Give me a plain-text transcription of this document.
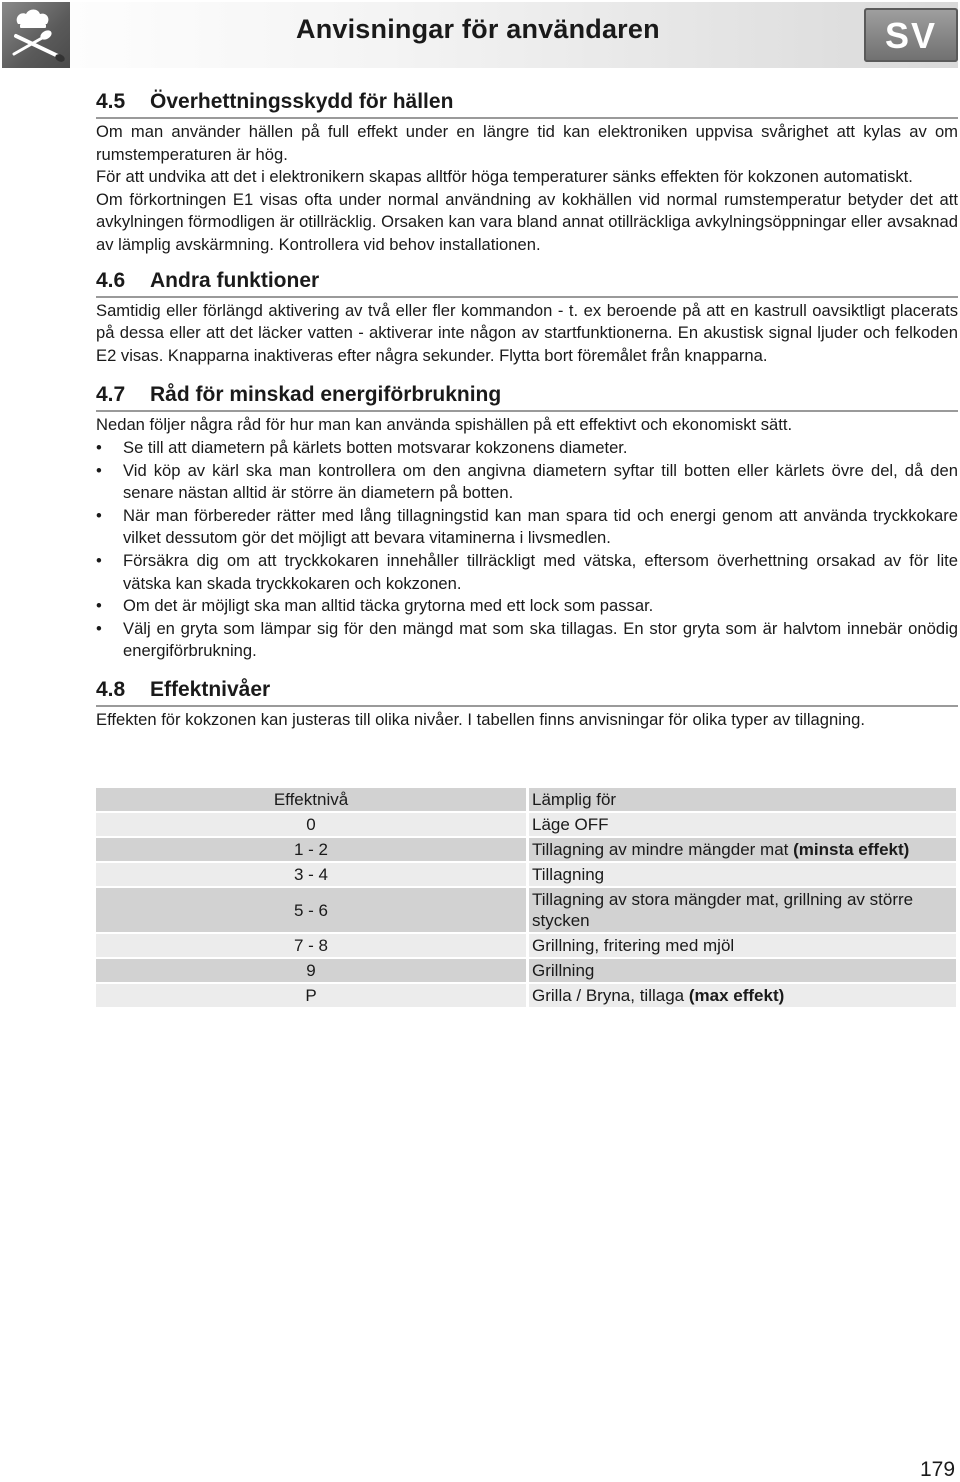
Anvisningar för användaren	SV
4.5	Överhettningsskydd för hällen

Om man använder hällen på full effekt under en längre tid kan elektroniken uppvisa svårighet att kylas av om rumstemperaturen är hög.

För att undvika att det i elektronikern skapas alltför höga temperaturer sänks effekten för kokzonen automatiskt.

Om förkortningen E1 visas ofta under normal användning av kokhällen vid normal rumstemperatur betyder det att avkylningen förmodligen är otillräcklig. Orsaken kan vara bland annat otillräckliga avkylningsöppningar eller avsaknad av lämplig avskärmning. Kontrollera vid behov installationen.

4.6	Andra funktioner

Samtidig eller förlängd aktivering av två eller fler kommandon - t. ex beroende på att en kastrull oavsiktligt placerats på dessa eller att det läcker vatten - aktiverar inte någon av startfunktionerna. En akustisk signal ljuder och felkoden E2 visas. Knapparna inaktiveras efter några sekunder. Flytta bort föremålet från knapparna.

4.7	Råd för minskad energiförbrukning

Nedan följer några råd för hur man kan använda spishällen på ett effektivt och ekonomiskt sätt.

• Se till att diametern på kärlets botten motsvarar kokzonens diameter.
• Vid köp av kärl ska man kontrollera om den angivna diametern syftar till botten eller kärlets övre del, då den senare nästan alltid är större än diametern på botten.
• När man förbereder rätter med lång tillagningstid kan man spara tid och energi genom att använda tryckkokare vilket dessutom gör det möjligt att bevara vitaminerna i livsmedlen.
• Försäkra dig om att tryckkokaren innehåller tillräckligt med vätska, eftersom överhettning orsakad av för lite vätska kan skada tryckkokaren och kokzonen.
• Om det är möjligt ska man alltid täcka grytorna med ett lock som passar.
• Välj en gryta som lämpar sig för den mängd mat som ska tillagas. En stor gryta som är halvtom innebär onödig energiförbrukning.
4.8	Effektnivåer

Effekten för kokzonen kan justeras till olika nivåer. I tabellen finns anvisningar för olika typer av tillagning.

Effektnivå	Lämplig för
0	Läge OFF
1 - 2	Tillagning av mindre mängder mat (minsta effekt)
3 - 4	Tillagning
5 - 6	Tillagning av stora mängder mat, grillning av större stycken
7 - 8	Grillning, fritering med mjöl
9	Grillning
P	Grilla / Bryna, tillaga (max effekt)
179
